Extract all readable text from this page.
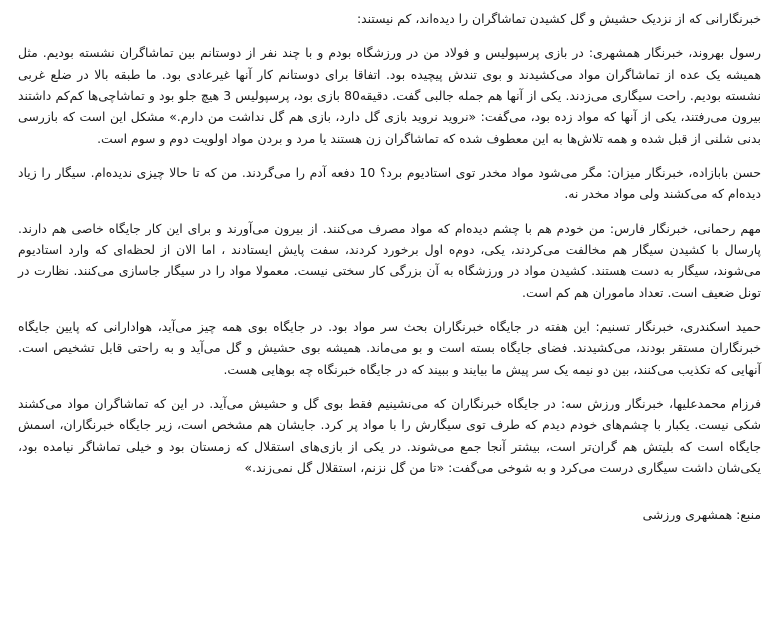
خبرنگارانی که از نزدیک حشیش و گل کشیدن تماشاگران را دیده‌اند، کم نیستند:

رسول بهروند، خبرنگار همشهری: در بازی پرسپولیس و فولاد من در ورزشگاه بودم و با چند نفر از دوستانم بین تماشاگران نشسته بودیم. مثل همیشه یک عده از تماشاگران مواد می‌کشیدند و بوی تندش پیچیده بود. اتفاقا برای دوستانم کار آنها غیرعادی بود. ما طبقه بالا در ضلع غربی نشسته بودیم. راحت سیگاری می‌زدند. یکی از آنها هم جمله جالبی گفت. دقیقه80 بازی بود، پرسپولیس 3 هیچ جلو بود و تماشاچی‌ها کم‌کم داشتند بیرون می‌رفتند، یکی از آنها که مواد زده بود، می‌گفت: «نروید نروید بازی گل دارد، بازی هم گل نداشت من دارم.» مشکل این است که بازرسی بدنی شلنی از قبل شده و همه تلاش‌ها به این معطوف شده که تماشاگران زن هستند یا مرد و بردن مواد اولویت دوم و سوم است.

حسن بابازاده، خبرنگار میزان: مگر می‌شود مواد مخدر توی استادیوم برد؟ 10 دفعه آدم را می‌گردند. من که تا حالا چیزی ندیده‌ام. سیگار را زیاد دیده‌ام که می‌کشند ولی مواد مخدر نه.

مهم رحمانی، خبرنگار فارس: من خودم هم با چشم دیده‌ام که مواد مصرف می‌کنند. از بیرون می‌آورند و برای این کار جایگاه خاصی هم دارند. پارسال با کشیدن سیگار هم مخالفت می‌کردند، یکی، دوم‌ه اول برخورد کردند، سفت پایش ایستادند ، اما الان از لحظه‌ای که وارد استادیوم می‌شوند، سیگار به دست هستند. کشیدن مواد در ورزشگاه به آن بزرگی کار سختی نیست. معمولا مواد را در سیگار جاسازی می‌کنند. نظارت در تونل ضعیف است. تعداد ماموران هم کم است.

حمید اسکندری، خبرنگار تسنیم: این هفته در جایگاه خبرنگاران بحث سر مواد بود. در جایگاه بوی همه چیز می‌آید، هوادارانی که پایین جایگاه خبرنگاران مستقر بودند، می‌کشیدند. فضای جایگاه بسته است و بو می‌ماند. همیشه بوی حشیش و گل می‌آید و به راحتی قابل تشخیص است. آنهایی که تکذیب می‌کنند، بین دو نیمه یک سر پیش ما بیایند و ببیند که در جایگاه خبرنگاه چه بوهایی هست.

فرزام محمدعلیها، خبرنگار ورزش سه: در جایگاه خبرنگاران که می‌نشینیم فقط بوی گل و حشیش می‌آید. در این که تماشاگران مواد می‌کشند شکی نیست. یکبار با چشم‌های خودم دیدم که طرف توی سیگارش را با مواد پر کرد. جایشان هم مشخص است، زیر جایگاه خبرنگاران، اسمش جایگاه است که بلیتش هم گران‌تر است، بیشتر آنجا جمع می‌شوند. در یکی از بازی‌های استقلال که زمستان بود و خیلی تماشاگر نیامده بود، یکی‌شان داشت سیگاری درست می‌کرد و به شوخی می‌گفت: «تا من گل نزنم، استقلال گل نمی‌زند.»

منبع: همشهری ورزشی
